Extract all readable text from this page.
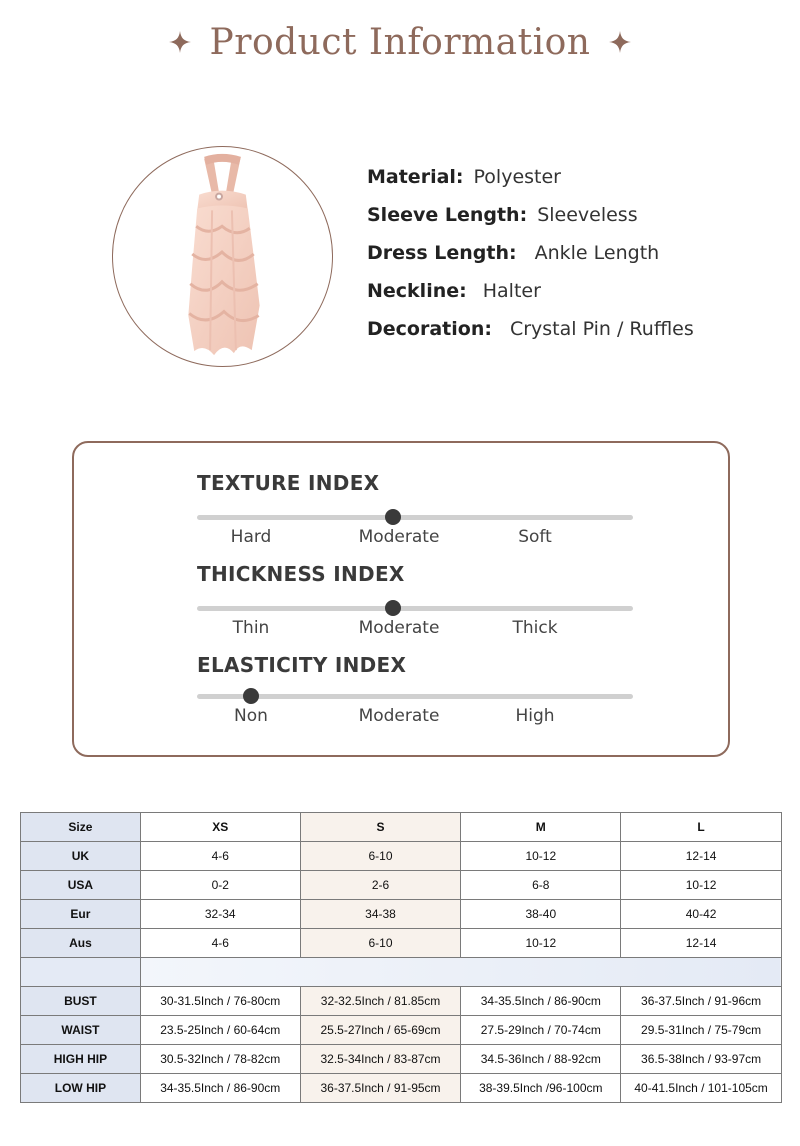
Product Information
Material: Polyester
Sleeve Length: Sleeveless
Dress Length: Ankle Length
Neckline: Halter
Decoration: Crystal Pin / Ruffles
TEXTURE INDEX
Hard	Moderate	Soft
THICKNESS INDEX
Thin	Moderate	Thick
ELASTICITY INDEX
Non	Moderate	High
Size	XS	S	M	L
UK	4-6	6-10	10-12	12-14
USA	0-2	2-6	6-8	10-12
Eur	32-34	34-38	38-40	40-42
Aus	4-6	6-10	10-12	12-14

BUST	30-31.5Inch / 76-80cm	32-32.5Inch / 81.85cm	34-35.5Inch / 86-90cm	36-37.5Inch / 91-96cm
WAIST	23.5-25Inch / 60-64cm	25.5-27Inch / 65-69cm	27.5-29Inch / 70-74cm	29.5-31Inch / 75-79cm
HIGH HIP	30.5-32Inch / 78-82cm	32.5-34Inch / 83-87cm	34.5-36Inch / 88-92cm	36.5-38Inch / 93-97cm
LOW HIP	34-35.5Inch / 86-90cm	36-37.5Inch / 91-95cm	38-39.5Inch /96-100cm	40-41.5Inch / 101-105cm
